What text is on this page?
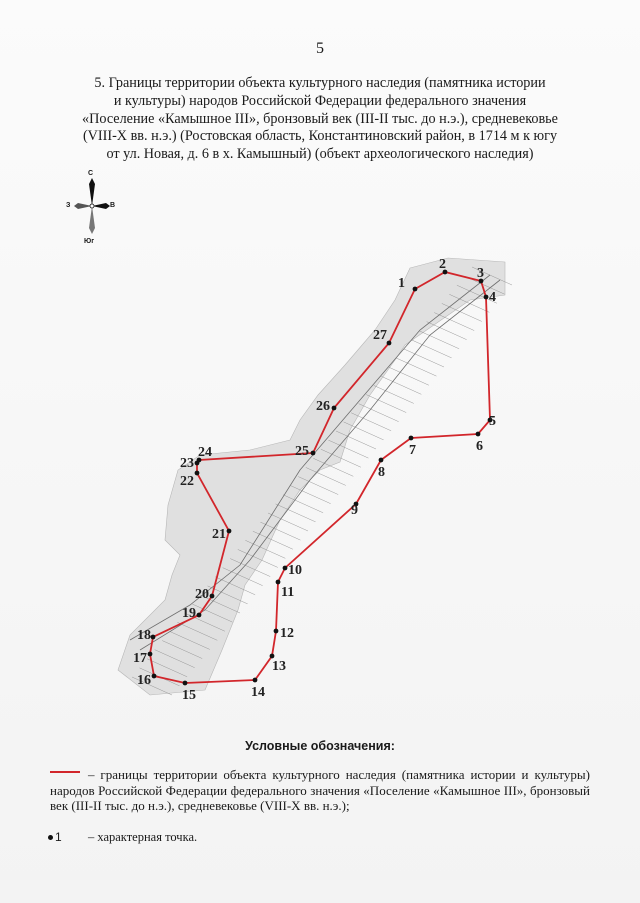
5
5. Границы территории объекта культурного наследия (памятника истории
и культуры) народов Российской Федерации федерального значения
«Поселение «Камышное III», бронзовый век (III-II тыс. до н.э.), средневековье
(VIII-X вв. н.э.) (Ростовская область, Константиновский район, в 1714 м к югу
от ул. Новая, д. 6 в х. Камышный) (объект археологического наследия)
С
З	В
Юг
1
2
3
4
5
6
7
8
9
10
11
12
13
14
15
16
17
18
19
20
21
22
23
24	25
26
27
Условные обозначения:
– границы территории объекта культурного наследия (памятника истории и культуры) народов Российской Федерации федерального значения «Поселение «Камышное III», бронзовый век (III-II тыс. до н.э.), средневековье (VIII-X вв. н.э.);
1 – характерная точка.
